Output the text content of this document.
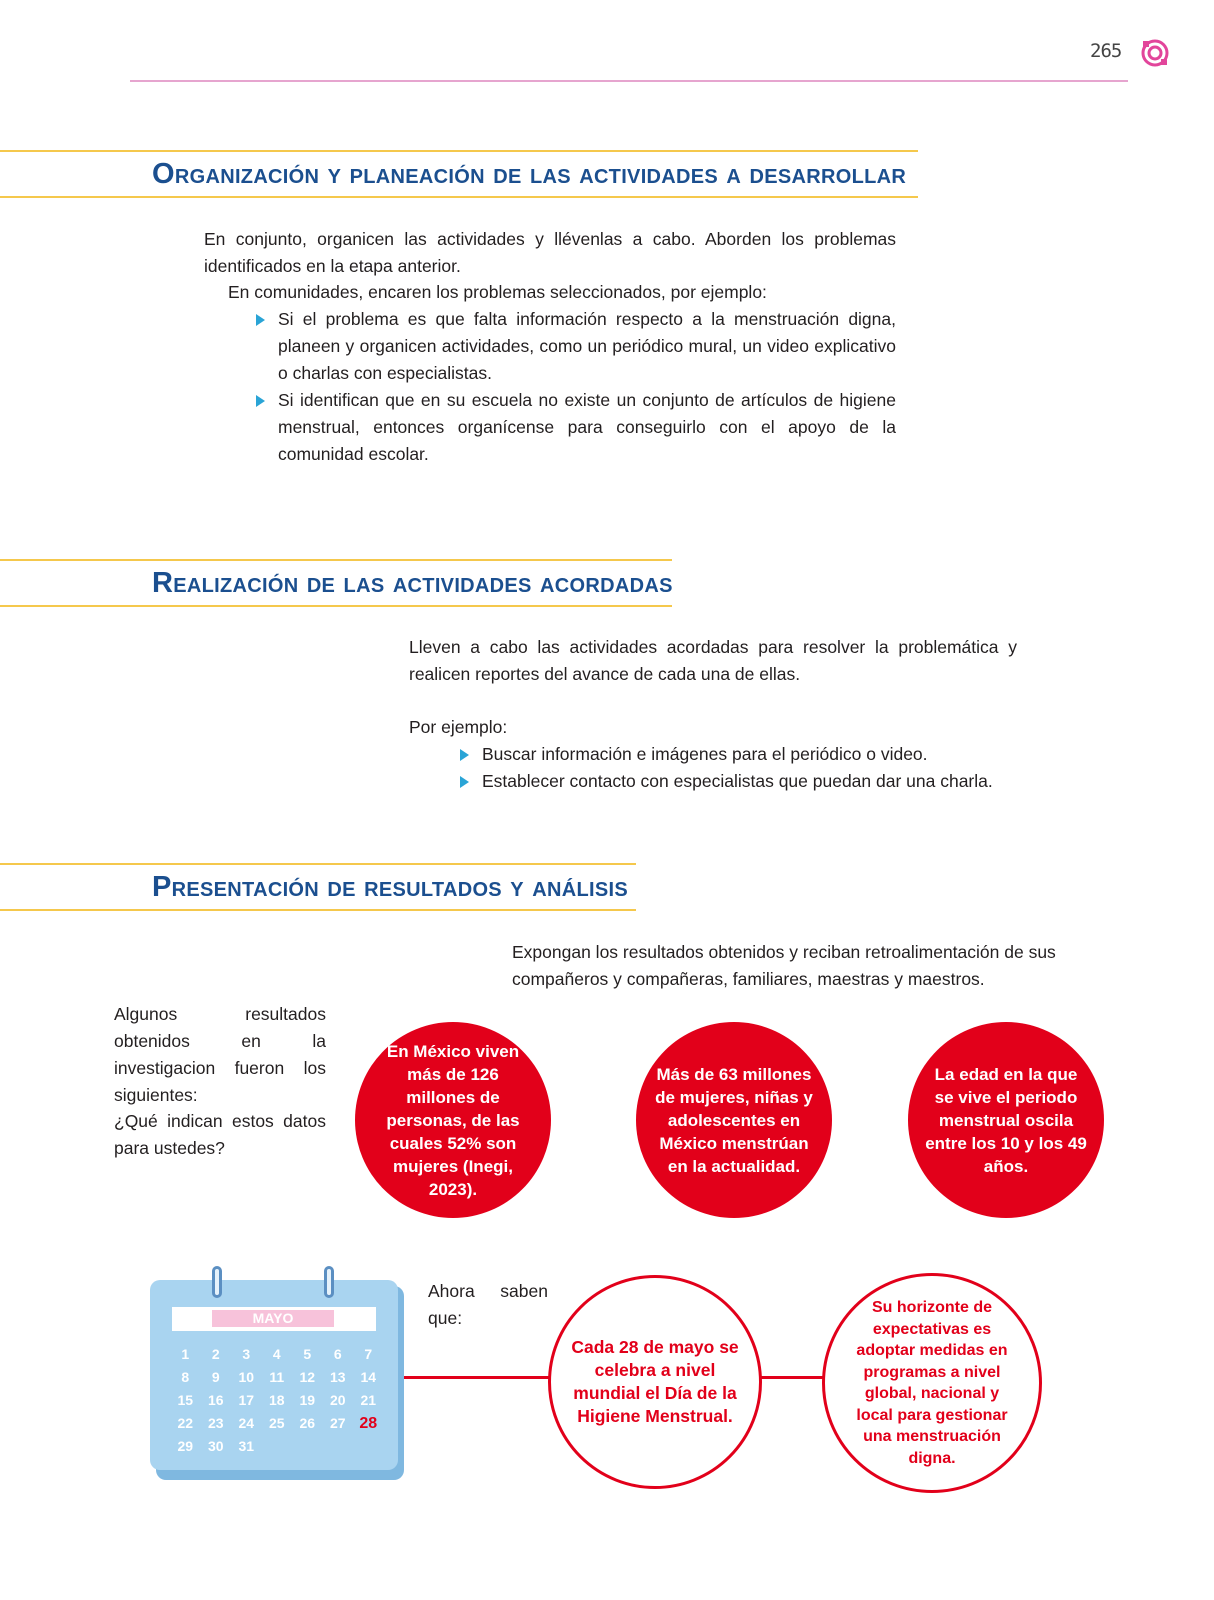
265
Organización y planeación de las actividades a desarrollar
En conjunto, organicen las actividades y llévenlas a cabo. Aborden los problemas identificados en la etapa anterior.
En comunidades, encaren los problemas seleccionados, por ejemplo:
Si el problema es que falta información respecto a la menstruación digna, planeen y organicen actividades, como un periódico mural, un video explicativo o charlas con especialistas.
Si identifican que en su escuela no existe un conjunto de artículos de higiene menstrual, entonces organícense para conseguirlo con el apoyo de la comunidad escolar.
Realización de las actividades acordadas
Lleven a cabo las actividades acordadas para resolver la problemática y realicen reportes del avance de cada una de ellas.
Por ejemplo:
Buscar información e imágenes para el periódico o video.
Establecer contacto con especialistas que puedan dar una charla.
Presentación de resultados y análisis
Expongan los resultados obtenidos y reciban retroalimentación de sus compañeros y compañeras, familiares, maestras y maestros.
Algunos resultados obtenidos en la investigacion fueron los siguientes:
¿Qué indican estos datos para ustedes?
En México viven más de 126 millones de personas, de las cuales 52% son mujeres (Inegi, 2023).
Más de 63 millones de mujeres, niñas y adolescentes en México menstrúan en la actualidad.
La edad en la que se vive el periodo menstrual oscila entre los 10 y los 49 años.
MAYO
1	2	3	4	5	6	7
8	9	10	11	12	13	14
15	16	17	18	19	20	21
22	23	24	25	26	27 28
29	30	31
Ahora saben que:
Cada 28 de mayo se celebra a nivel mundial el Día de la Higiene Menstrual.
Su horizonte de expectativas es adoptar medidas en programas a nivel global, nacional y local para gestionar una menstruación digna.
